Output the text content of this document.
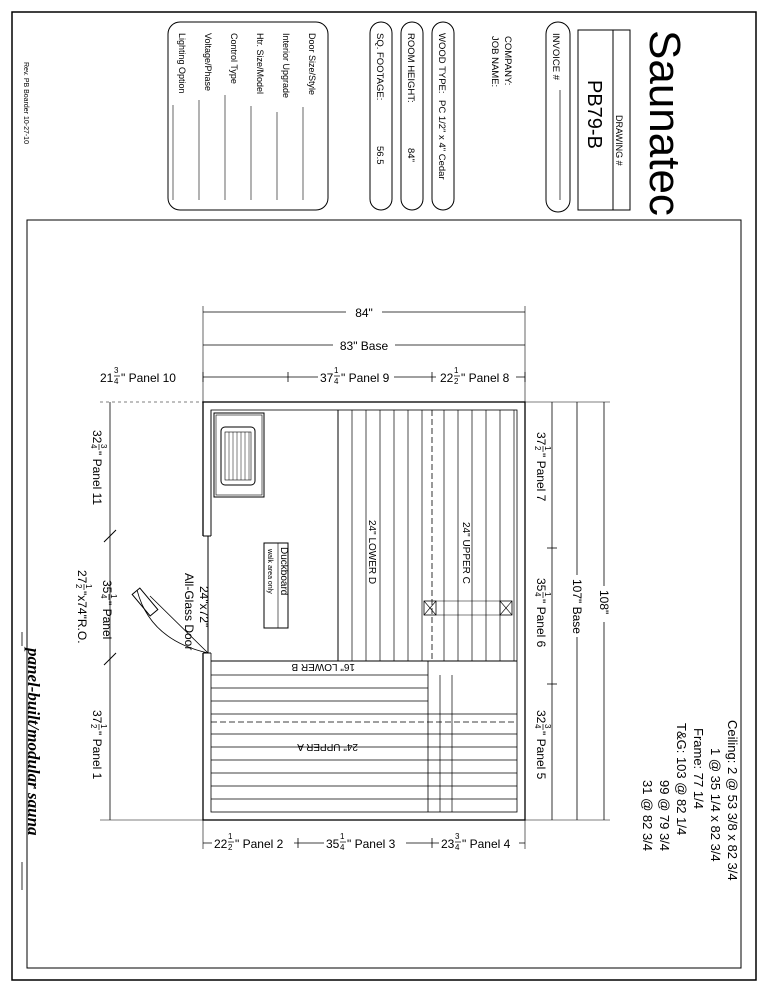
Saunatec
DRAWING #
PB79-B
INVOICE #
COMPANY:
JOB NAME:
WOOD TYPE:
PC 1/2" x 4" Cedar
ROOM HEIGHT:
84"
SQ. FOOTAGE:
56.5
Door Size/Style
Interior Upgrade
Htr. Size/Model
Control Type
Voltage/Phase
Lighting Option
Rev. PB Boarder 10-27-10
panel-built/modular sauna	Ceiling: 2 @ 53 3/8 x 82 3/4
1 @ 35 1/4 x 82 3/4
Frame: 77 1/4
T&G: 103 @ 82 1/4
99 @ 79 3/4
31 @ 82 3/4
Duckboard
walk area only	24" LOWER D	24" UPPER C
16" LOWER B
24" UPPER A
84"
83" Base
108"
107" Base
21
3
4 " Panel 10	37
1
4 " Panel 9	22
1
2 " Panel 8
22
1
2 " Panel 2	35
1
4 " Panel 3	23
3
4 " Panel 4
37
1
2
" Panel 7
35
1
4
" Panel 6
32
3
4
" Panel 5
32
3
4
" Panel 11
35
1
4
" Panel
27
1
2
"x74"R.O.
37
1
2
" Panel 1
24"x72"
All-Glass Door
